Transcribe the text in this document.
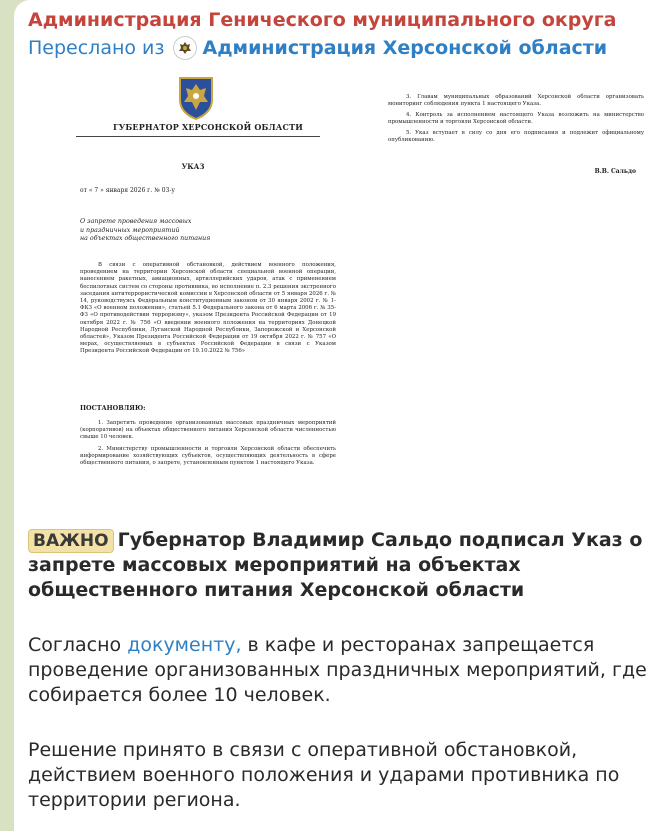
Администрация Генического муниципального округа
Переслано из Администрация Херсонской области
ГУБЕРНАТОР ХЕРСОНСКОЙ ОБЛАСТИ
УКАЗ
от « 7 » января 2026 г. № 03-у
О запрете проведения массовых
и праздничных мероприятий
на объектах общественного питания
В связи с оперативной обстановкой, действием военного положения, проведением на территории Херсонской области специальной военной операции, нанесением ракетных, авиационных, артиллерийских ударов, атак с применением беспилотных систем со стороны противника, во исполнение п. 2.3 решения экстренного заседания антитеррористической комиссии в Херсонской области от 5 января 2026 г. № 14, руководствуясь Федеральным конституционным законом от 30 января 2002 г. № 1-ФКЗ «О военном положении», статьей 5.1 Федерального закона от 6 марта 2006 г. № 35-ФЗ «О противодействии терроризму», указом Президента Российской Федерации от 19 октября 2022 г. № 756 «О введении военного положения на территориях Донецкой Народной Республики, Луганской Народной Республики, Запорожской и Херсонской областей», Указом Президента Российской Федерации от 19 октября 2022 г. № 757 «О мерах, осуществляемых в субъектах Российской Федерации в связи с Указом Президента Российской Федерации от 19.10.2022 № 756»
ПОСТАНОВЛЯЮ:
1. Запретить проведение организованных массовых праздничных мероприятий (корпоративов) на объектах общественного питания Херсонской области численностью свыше 10 человек.
2. Министерству промышленности и торговли Херсонской области обеспечить информирование хозяйствующих субъектов, осуществляющих деятельность в сфере общественного питания, о запрете, установленным пунктом 1 настоящего Указа.
3. Главам муниципальных образований Херсонской области организовать мониторинг соблюдения пункта 1 настоящего Указа.
4. Контроль за исполнением настоящего Указа возложить на министерство промышленности и торговли Херсонской области.
5. Указ вступает в силу со дня его подписания и подлежит официальному опубликованию.
В.В. Сальдо
ВАЖНО Губернатор Владимир Сальдо подписал Указ о запрете массовых мероприятий на объектах общественного питания Херсонской области
Согласно документу, в кафе и ресторанах запрещается проведение организованных праздничных мероприятий, где собирается более 10 человек.
Решение принято в связи с оперативной обстановкой, действием военного положения и ударами противника по территории региона.
